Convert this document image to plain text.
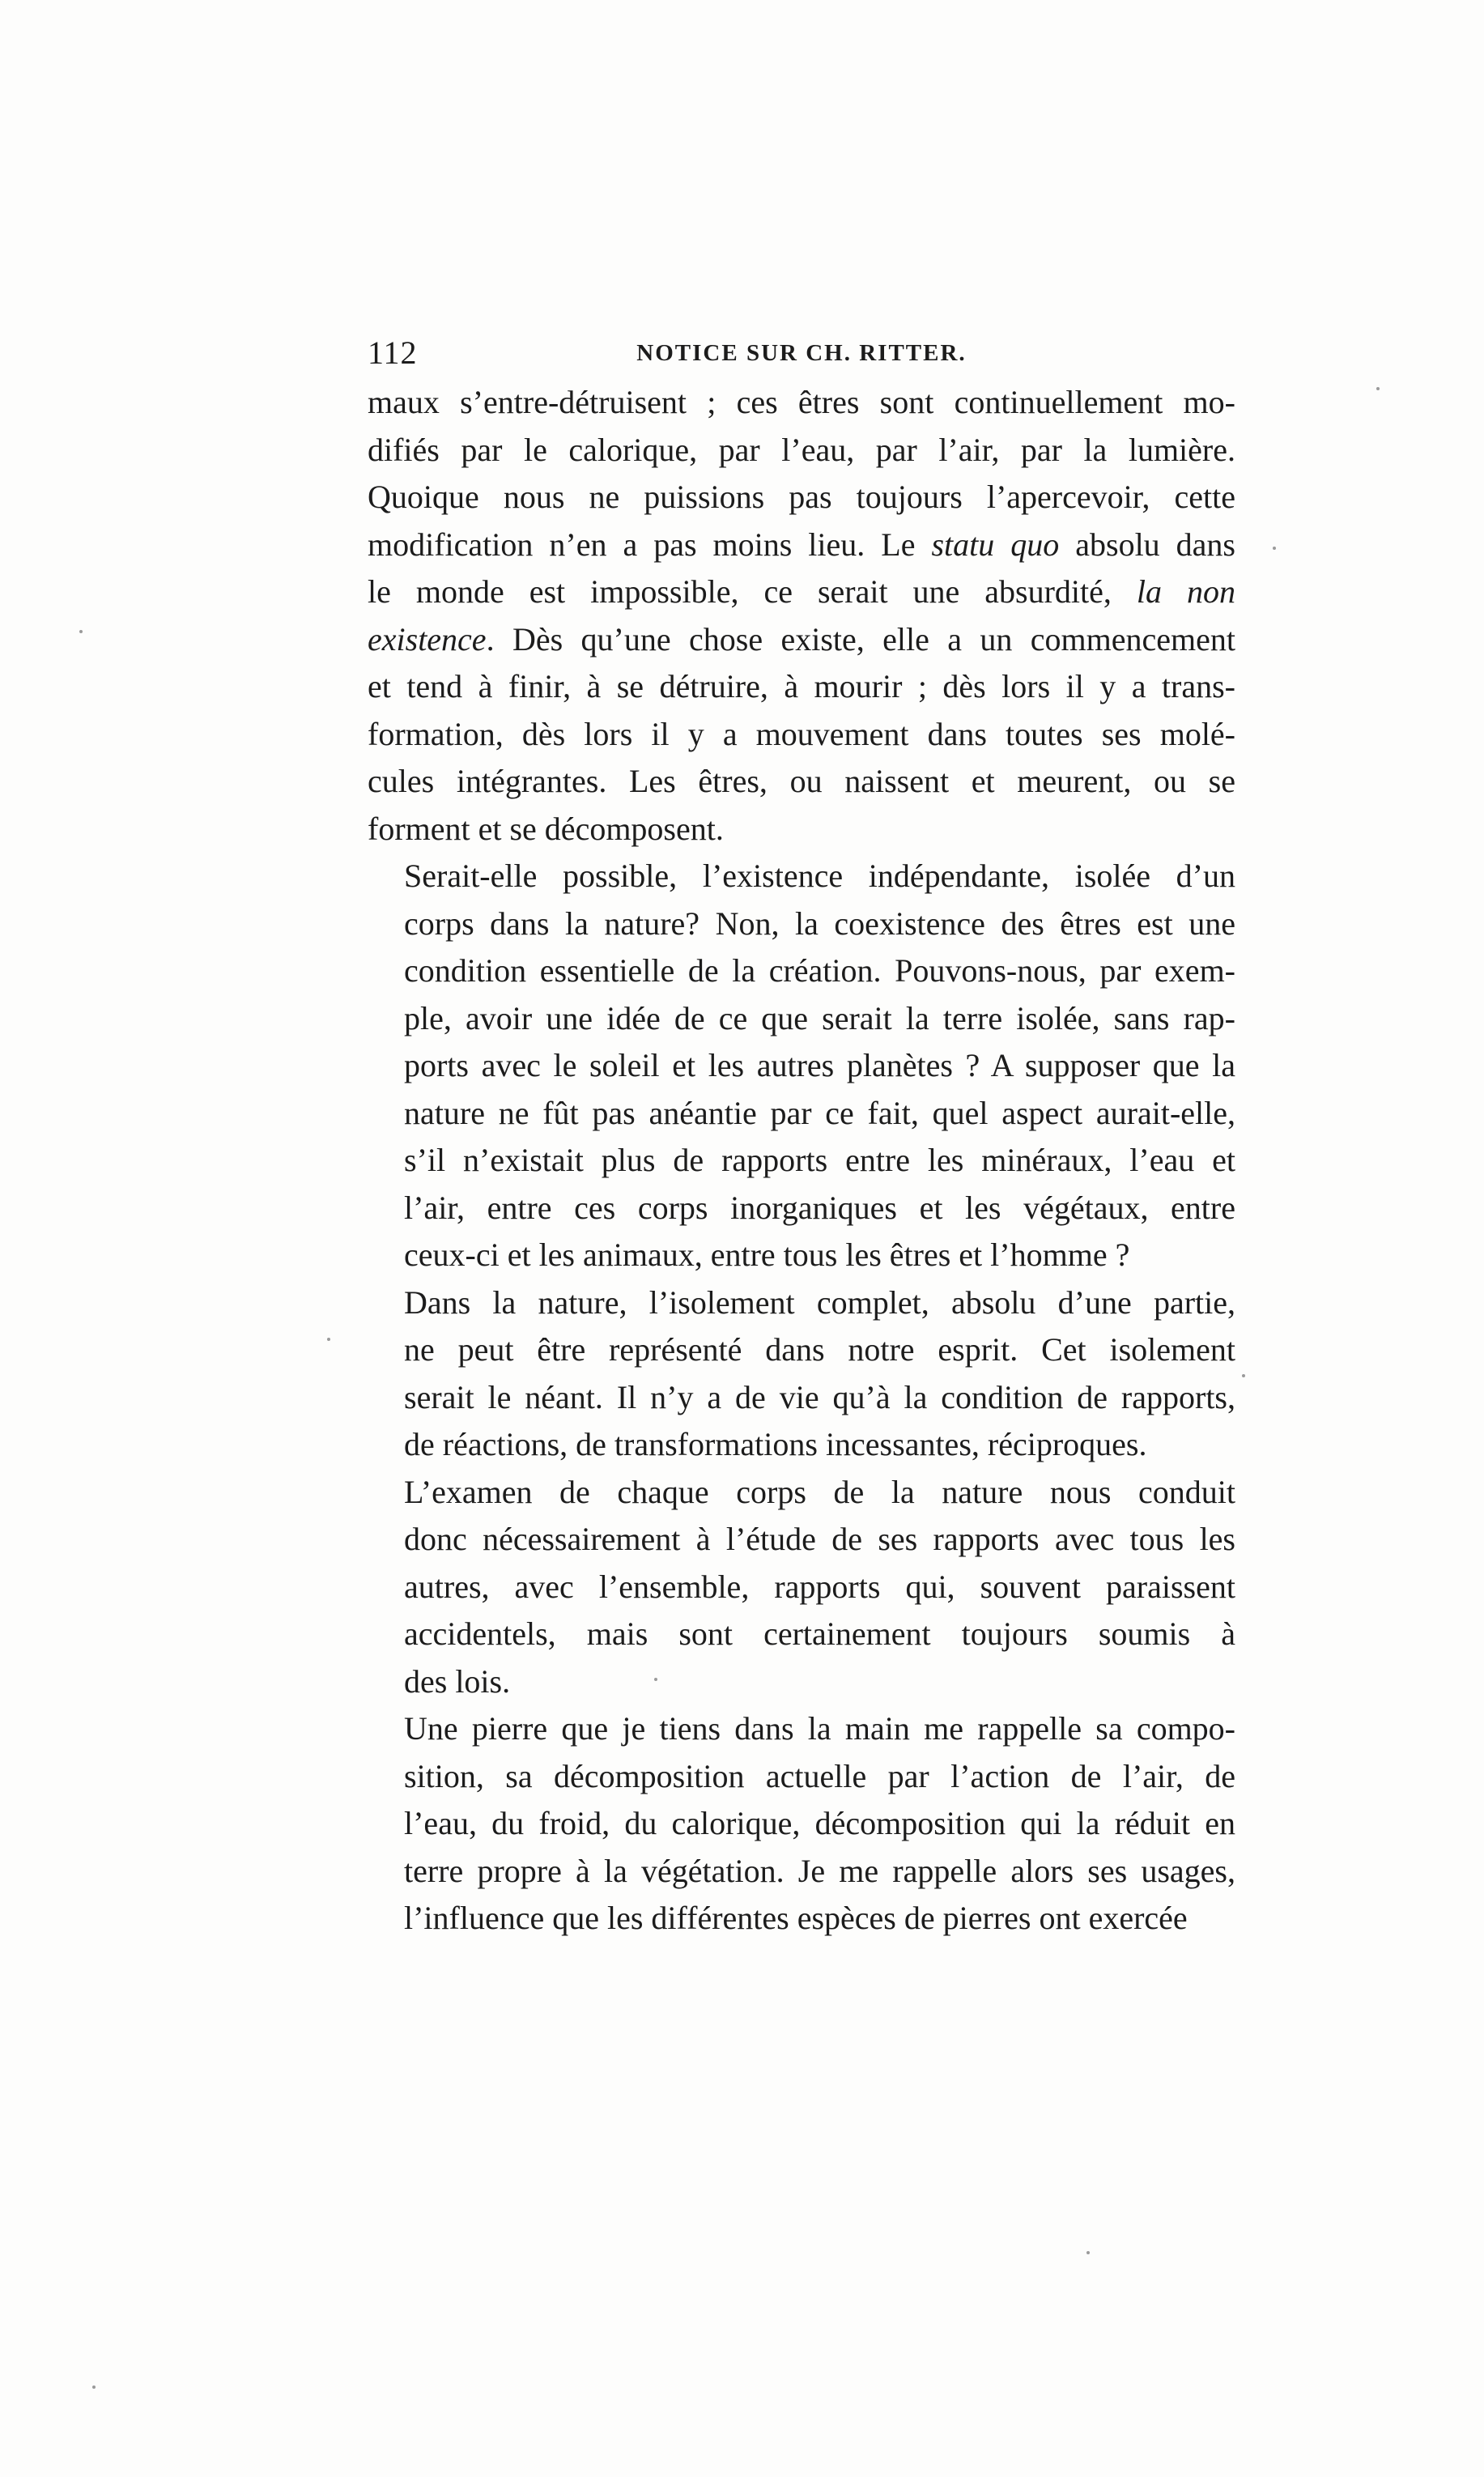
112	NOTICE SUR CH. RITTER.
maux s’entre-détruisent ; ces êtres sont continuellement mo-
difiés par le calorique, par l’eau, par l’air, par la lumière.
Quoique nous ne puissions pas toujours l’apercevoir, cette
modification n’en a pas moins lieu. Le statu quo absolu dans
le monde est impossible, ce serait une absurdité, la non
existence. Dès qu’une chose existe, elle a un commencement
et tend à finir, à se détruire, à mourir ; dès lors il y a trans-
formation, dès lors il y a mouvement dans toutes ses molé-
cules intégrantes. Les êtres, ou naissent et meurent, ou se
forment et se décomposent.
Serait-elle possible, l’existence indépendante, isolée d’un
corps dans la nature? Non, la coexistence des êtres est une
condition essentielle de la création. Pouvons-nous, par exem-
ple, avoir une idée de ce que serait la terre isolée, sans rap-
ports avec le soleil et les autres planètes ? A supposer que la
nature ne fût pas anéantie par ce fait, quel aspect aurait-elle,
s’il n’existait plus de rapports entre les minéraux, l’eau et
l’air, entre ces corps inorganiques et les végétaux, entre
ceux-ci et les animaux, entre tous les êtres et l’homme ?
Dans la nature, l’isolement complet, absolu d’une partie,
ne peut être représenté dans notre esprit. Cet isolement
serait le néant. Il n’y a de vie qu’à la condition de rapports,
de réactions, de transformations incessantes, réciproques.
L’examen de chaque corps de la nature nous conduit
donc nécessairement à l’étude de ses rapports avec tous les
autres, avec l’ensemble, rapports qui, souvent paraissent
accidentels, mais sont certainement toujours soumis à
des lois.
Une pierre que je tiens dans la main me rappelle sa compo-
sition, sa décomposition actuelle par l’action de l’air, de
l’eau, du froid, du calorique, décomposition qui la réduit en
terre propre à la végétation. Je me rappelle alors ses usages,
l’influence que les différentes espèces de pierres ont exercée
